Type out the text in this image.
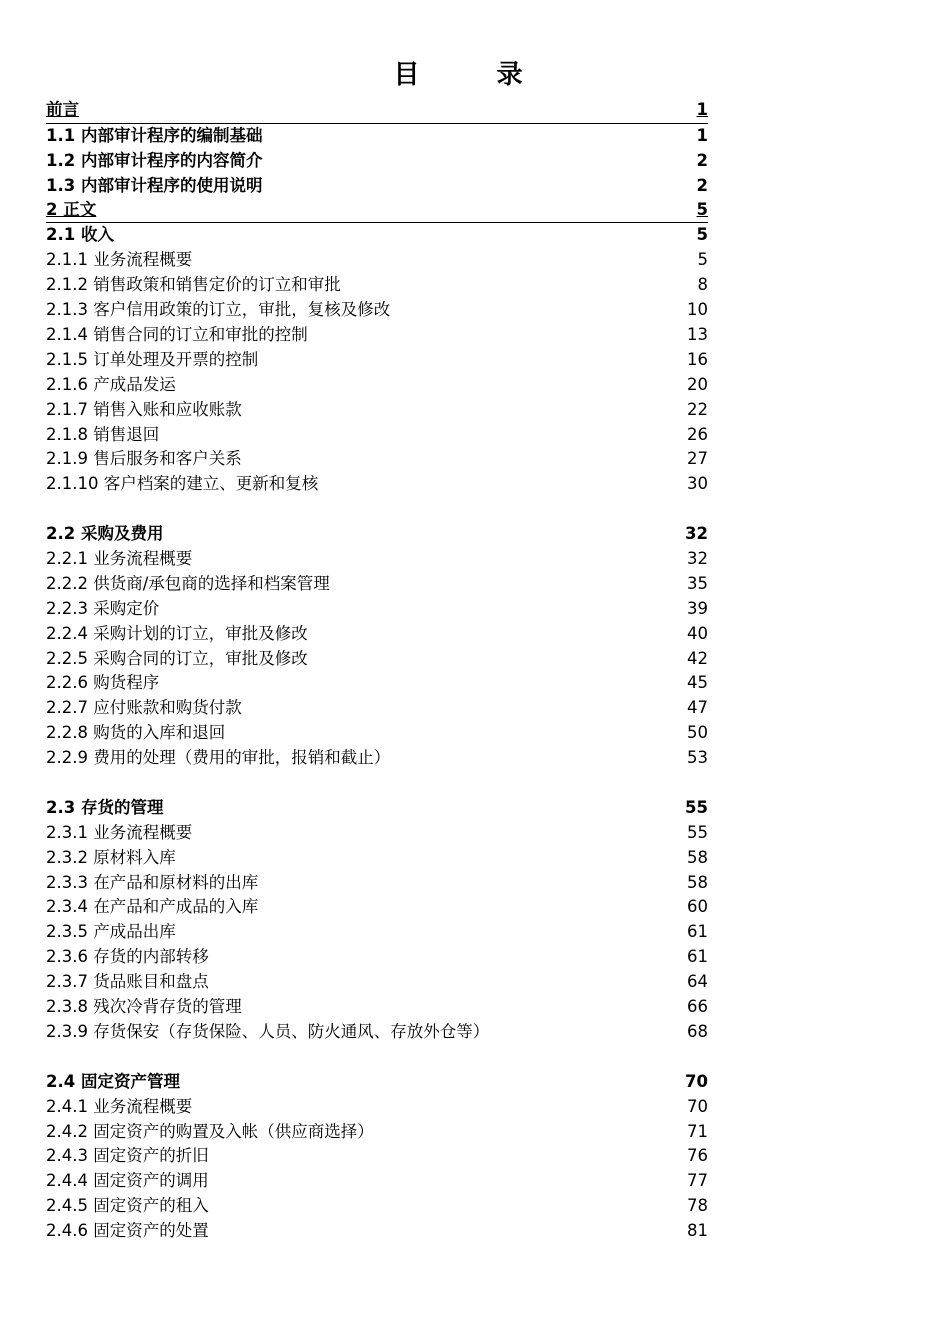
目 录
前言	1
1.1 内部审计程序的编制基础	1
1.2 内部审计程序的内容简介	2
1.3 内部审计程序的使用说明	2
2 正文	5
2.1 收入	5
2.1.1 业务流程概要	5
2.1.2 销售政策和销售定价的订立和审批	8
2.1.3 客户信用政策的订立，审批，复核及修改	10
2.1.4 销售合同的订立和审批的控制	13
2.1.5 订单处理及开票的控制	16
2.1.6 产成品发运	20
2.1.7 销售入账和应收账款	22
2.1.8 销售退回	26
2.1.9 售后服务和客户关系	27
2.1.10 客户档案的建立、更新和复核	30
2.2 采购及费用	32
2.2.1 业务流程概要	32
2.2.2 供货商/承包商的选择和档案管理	35
2.2.3 采购定价	39
2.2.4 采购计划的订立，审批及修改	40
2.2.5 采购合同的订立，审批及修改	42
2.2.6 购货程序	45
2.2.7 应付账款和购货付款	47
2.2.8 购货的入库和退回	50
2.2.9 费用的处理（费用的审批，报销和截止）	53
2.3 存货的管理	55
2.3.1 业务流程概要	55
2.3.2 原材料入库	58
2.3.3 在产品和原材料的出库	58
2.3.4 在产品和产成品的入库	60
2.3.5 产成品出库	61
2.3.6 存货的内部转移	61
2.3.7 货品账目和盘点	64
2.3.8 残次冷背存货的管理	66
2.3.9 存货保安（存货保险、人员、防火通风、存放外仓等）	68
2.4 固定资产管理	70
2.4.1 业务流程概要	70
2.4.2 固定资产的购置及入帐（供应商选择）	71
2.4.3 固定资产的折旧	76
2.4.4 固定资产的调用	77
2.4.5 固定资产的租入	78
2.4.6 固定资产的处置	81
